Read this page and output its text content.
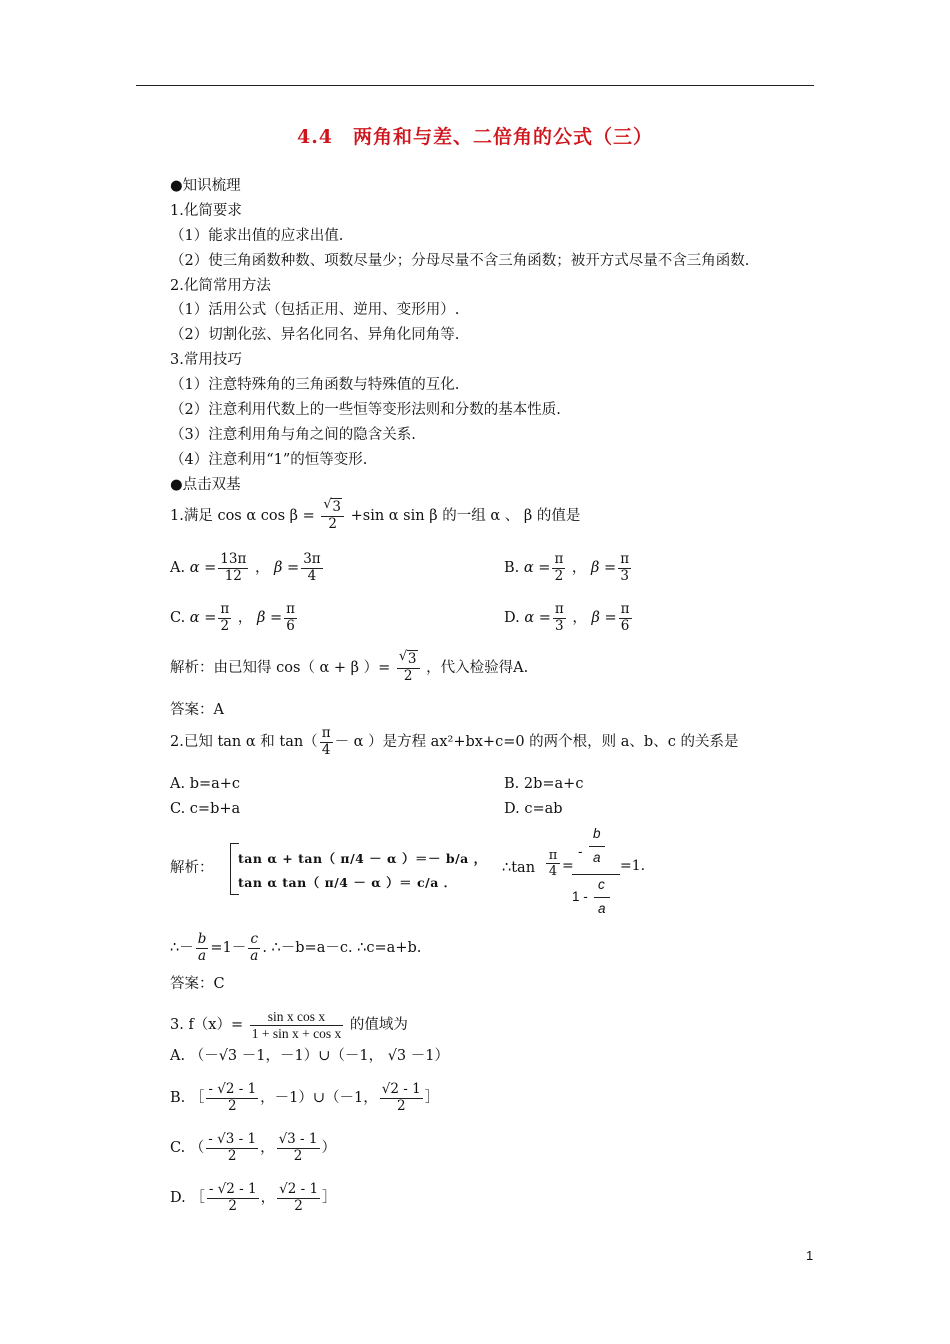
4.4　两角和与差、二倍角的公式（三）
●知识梳理
1.化简要求
（1）能求出值的应求出值.
（2）使三角函数种数、项数尽量少；分母尽量不含三角函数；被开方式尽量不含三角函数.
2.化简常用方法
（1）活用公式（包括正用、逆用、变形用）.
（2）切割化弦、异名化同名、异角化同角等.
3.常用技巧
（1）注意特殊角的三角函数与特殊值的互化.
（2）注意利用代数上的一些恒等变形法则和分数的基本性质.
（3）注意利用角与角之间的隐含关系.
（4）注意利用“1”的恒等变形.
●点击双基
1.满足 cos α cos β = √ $\frac{3}{2} +\sin$ α sin β 的一组 α 、 β 的值是
A. $\alpha = \frac{13\pi}{12}$ ， $\beta = \frac{3\pi}{4}$	B. $\alpha = \frac{\pi}{2}$ ， $\beta = \frac{\pi}{3}$
C. $\alpha = \frac{\pi}{2}$ ， $\beta = \frac{\pi}{6}$	D. $\alpha = \frac{\pi}{3}$ ， $\beta = \frac{\pi}{6}$
解析：由已知得 cos（ α + β ）= √ $\frac{3}{2}$ ，代入检验得A.
答案：A
2.已知 tan α 和 $\tan( \frac{\pi}{4} - \alpha$ ）是方程 ax²+bx+c=0 的两个根，则 a、b、c 的关系是
A. b=a+c	B. 2b=a+c
C. c=b+a	D. c=ab
解析：
tan α + tan（ π/4 － α ）＝－ b/a ，
tan α tan（ π/4 － α ）＝ c/a ．
∴tan
π
4 =
-
b
a
1 -
c
a
=1.
∴－ $\frac{b}{a} =1- \frac{c}{a}$ . ∴－b=a－c. ∴c=a+b.
答案：C
3. $f(x)= \frac{\text{sin x cos x}}{\text{1 + sin x + cos x}}$ 的值域为
A. （－√3 －1，－1）∪（－1， √3 －1）
B. ［ $\frac{- √2 - 1}{2}$ ，－1）∪（－1， $\frac{√2 - 1}{2}$ ］
C. （ $\frac{- √3 - 1}{2}$ ， $\frac{√3 - 1}{2}$ ）
D. ［ $\frac{- √2 - 1}{2}$ ， $\frac{√2 - 1}{2}$ ］
1
